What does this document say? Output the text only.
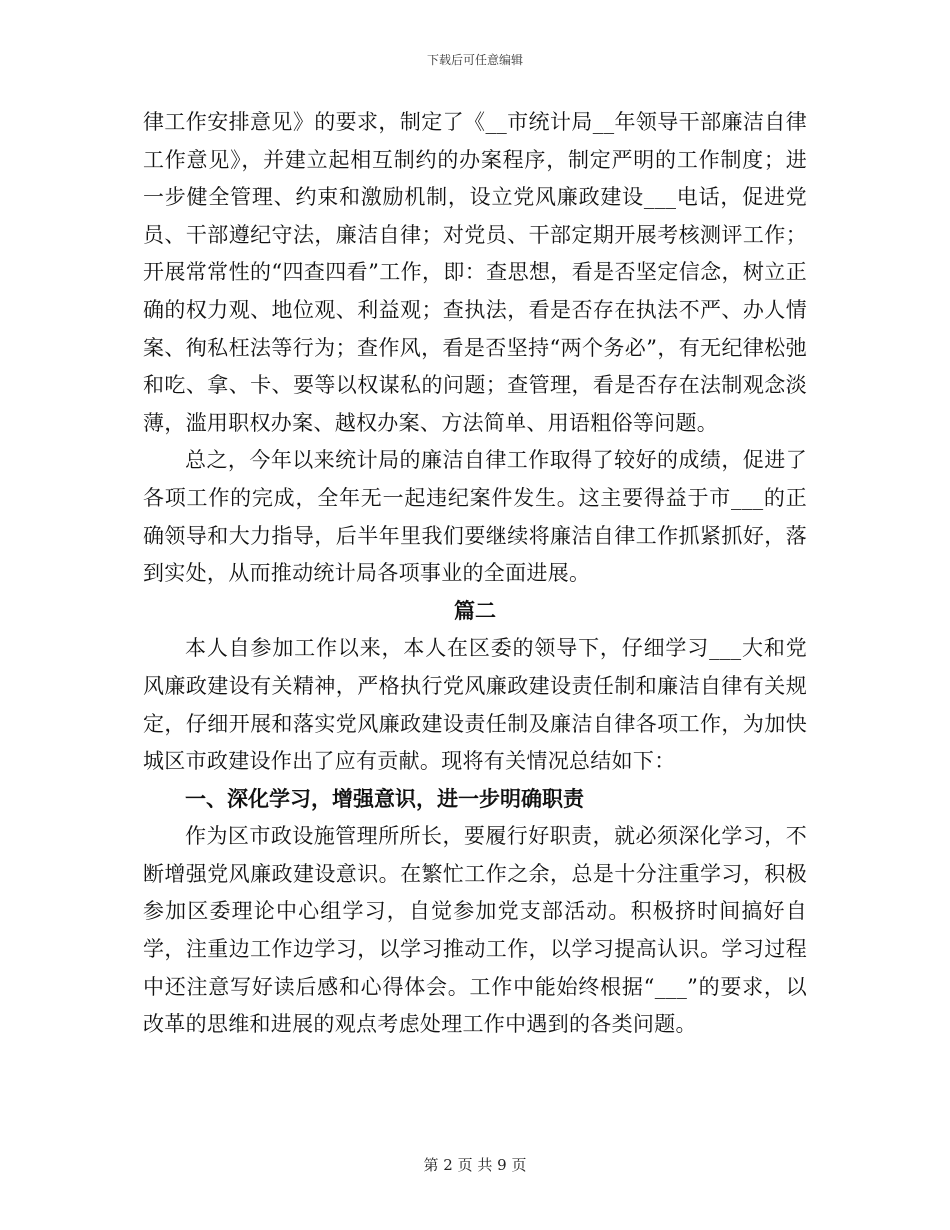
下载后可任意编辑

律工作安排意见》的要求，制定了《__市统计局__年领导干部廉洁自律工作意见》，并建立起相互制约的办案程序，制定严明的工作制度；进一步健全管理、约束和激励机制，设立党风廉政建设___电话，促进党员、干部遵纪守法，廉洁自律；对党员、干部定期开展考核测评工作；开展常常性的“四查四看”工作，即：查思想，看是否坚定信念，树立正确的权力观、地位观、利益观；查执法，看是否存在执法不严、办人情案、徇私枉法等行为；查作风，看是否坚持“两个务必”，有无纪律松弛和吃、拿、卡、要等以权谋私的问题；查管理，看是否存在法制观念淡薄，滥用职权办案、越权办案、方法简单、用语粗俗等问题。

总之，今年以来统计局的廉洁自律工作取得了较好的成绩，促进了各项工作的完成，全年无一起违纪案件发生。这主要得益于市___的正确领导和大力指导，后半年里我们要继续将廉洁自律工作抓紧抓好，落到实处，从而推动统计局各项事业的全面进展。

篇二

本人自参加工作以来，本人在区委的领导下，仔细学习___大和党风廉政建设有关精神，严格执行党风廉政建设责任制和廉洁自律有关规定，仔细开展和落实党风廉政建设责任制及廉洁自律各项工作，为加快城区市政建设作出了应有贡献。现将有关情况总结如下：

一、深化学习，增强意识，进一步明确职责

作为区市政设施管理所所长，要履行好职责，就必须深化学习，不断增强党风廉政建设意识。在繁忙工作之余，总是十分注重学习，积极参加区委理论中心组学习，自觉参加党支部活动。积极挤时间搞好自学，注重边工作边学习，以学习推动工作，以学习提高认识。学习过程中还注意写好读后感和心得体会。工作中能始终根据“___”的要求，以改革的思维和进展的观点考虑处理工作中遇到的各类问题。

第 2 页 共 9 页
